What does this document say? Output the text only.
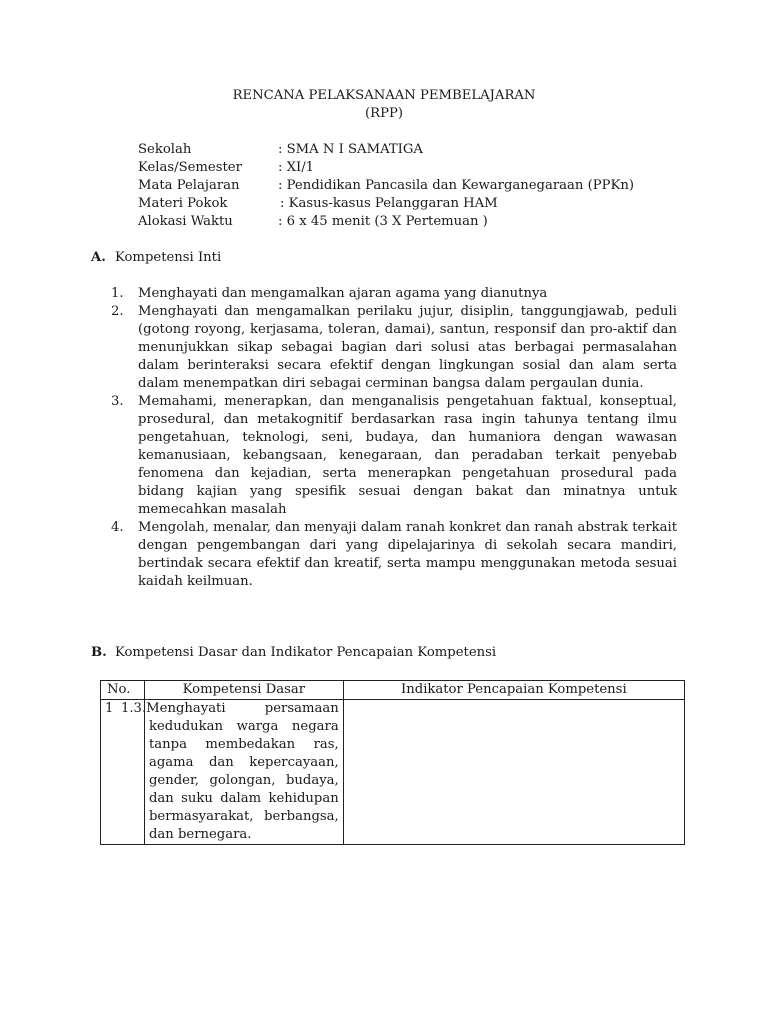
RENCANA PELAKSANAAN PEMBELAJARAN
(RPP)
Sekolah	: SMA N I SAMATIGA
Kelas/Semester	: XI/1
Mata Pelajaran	: Pendidikan Pancasila dan Kewarganegaraan (PPKn)
Materi Pokok	: Kasus-kasus Pelanggaran HAM
Alokasi Waktu	: 6 x 45 menit (3 X Pertemuan )
A. Kompetensi Inti
1. Menghayati dan mengamalkan ajaran agama yang dianutnya
2. Menghayati dan mengamalkan perilaku jujur, disiplin, tanggungjawab, peduli (gotong royong, kerjasama, toleran, damai), santun, responsif dan pro-aktif dan menunjukkan sikap sebagai bagian dari solusi atas berbagai permasalahan dalam berinteraksi secara efektif dengan lingkungan sosial dan alam serta dalam menempatkan diri sebagai cerminan bangsa dalam pergaulan dunia.
3. Memahami, menerapkan, dan menganalisis pengetahuan faktual, konseptual, prosedural, dan metakognitif berdasarkan rasa ingin tahunya tentang ilmu pengetahuan, teknologi, seni, budaya, dan humaniora dengan wawasan kemanusiaan, kebangsaan, kenegaraan, dan peradaban terkait penyebab fenomena dan kejadian, serta menerapkan pengetahuan prosedural pada bidang kajian yang spesifik sesuai dengan bakat dan minatnya untuk memecahkan masalah
4. Mengolah, menalar, dan menyaji dalam ranah konkret dan ranah abstrak terkait dengan pengembangan dari yang dipelajarinya di sekolah secara mandiri, bertindak secara efektif dan kreatif, serta mampu menggunakan metoda sesuai kaidah keilmuan.
B. Kompetensi Dasar dan Indikator Pencapaian Kompetensi
No.	Kompetensi Dasar	Indikator Pencapaian Kompetensi
1	1.3.Menghayati persamaan kedudukan warga negara tanpa membedakan ras, agama dan kepercayaan, gender, golongan, budaya, dan suku dalam kehidupan bermasyarakat, berbangsa, dan bernegara.	
